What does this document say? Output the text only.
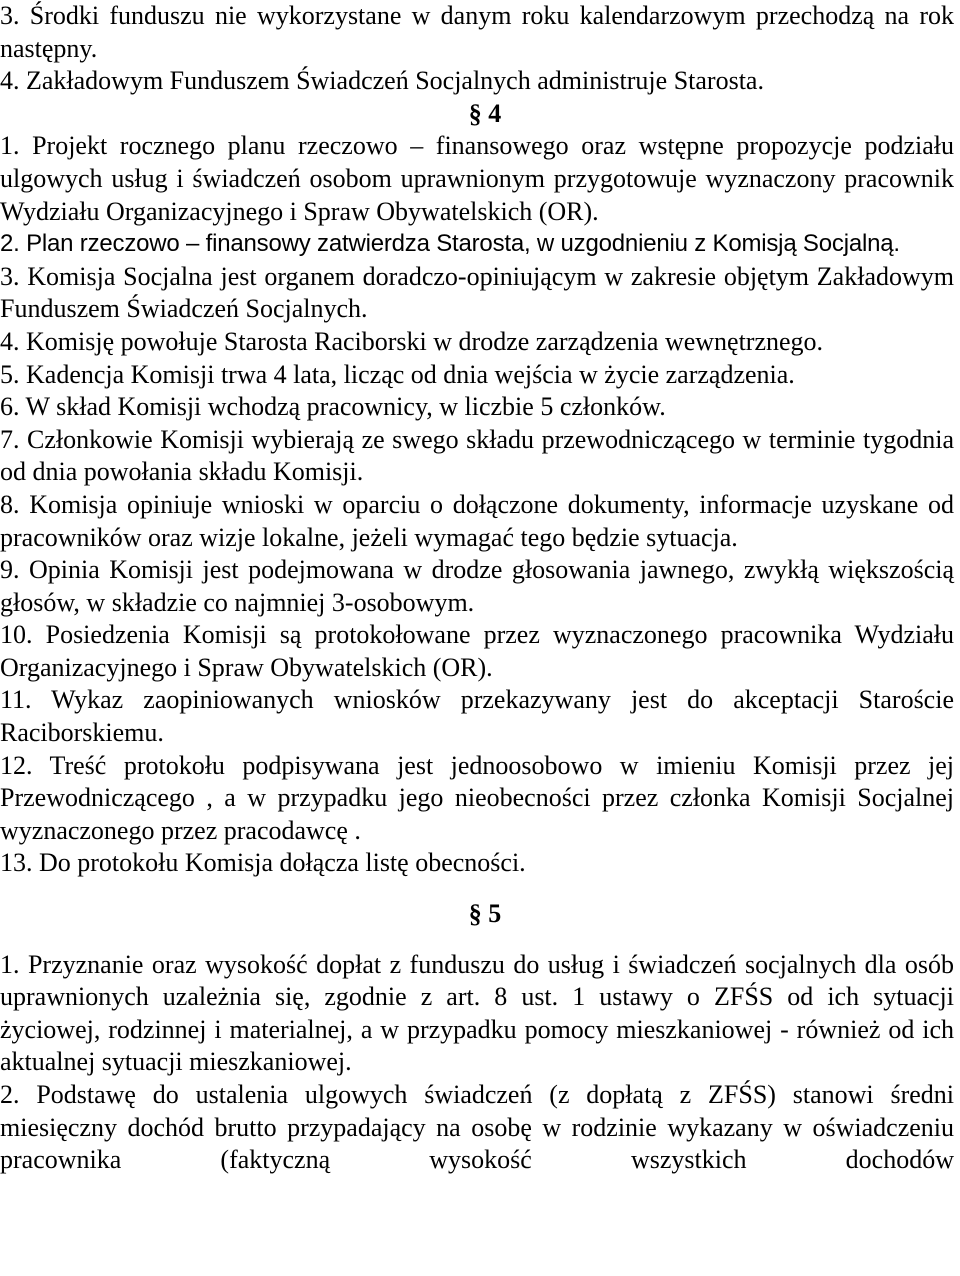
3. Środki funduszu nie wykorzystane w danym roku kalendarzowym przechodzą na rok następny.

4. Zakładowym Funduszem Świadczeń Socjalnych administruje Starosta.

§ 4

1. Projekt rocznego planu rzeczowo – finansowego oraz wstępne propozycje podziału ulgowych usług i świadczeń osobom uprawnionym przygotowuje wyznaczony pracownik Wydziału Organizacyjnego i Spraw Obywatelskich (OR).

2. Plan rzeczowo – finansowy zatwierdza Starosta, w uzgodnieniu z Komisją Socjalną.

3. Komisja Socjalna jest organem doradczo-opiniującym w zakresie objętym Zakładowym Funduszem Świadczeń Socjalnych.

4. Komisję powołuje Starosta Raciborski w drodze zarządzenia wewnętrznego.

5. Kadencja Komisji trwa 4 lata, licząc od dnia wejścia w życie zarządzenia.

6. W skład Komisji wchodzą pracownicy, w liczbie 5 członków.

7. Członkowie Komisji wybierają ze swego składu przewodniczącego w terminie tygodnia od dnia powołania składu Komisji.

8. Komisja opiniuje wnioski w oparciu o dołączone dokumenty, informacje uzyskane od pracowników oraz wizje lokalne, jeżeli wymagać tego będzie sytuacja.

9. Opinia Komisji jest podejmowana w drodze głosowania jawnego, zwykłą większością głosów, w składzie co najmniej 3-osobowym.

10. Posiedzenia Komisji są protokołowane przez wyznaczonego pracownika Wydziału Organizacyjnego i Spraw Obywatelskich (OR).

11. Wykaz zaopiniowanych wniosków przekazywany jest do akceptacji Staroście Raciborskiemu.

12. Treść protokołu podpisywana jest jednoosobowo w imieniu Komisji przez jej Przewodniczącego , a w przypadku jego nieobecności przez członka Komisji Socjalnej wyznaczonego przez pracodawcę .

13. Do protokołu Komisja dołącza listę obecności.

§ 5

1. Przyznanie oraz wysokość dopłat z funduszu do usług i świadczeń socjalnych dla osób uprawnionych uzależnia się, zgodnie z art. 8 ust. 1 ustawy o ZFŚS od ich sytuacji życiowej, rodzinnej i materialnej, a w przypadku pomocy mieszkaniowej - również od ich aktualnej sytuacji mieszkaniowej.

2. Podstawę do ustalenia ulgowych świadczeń (z dopłatą z ZFŚS) stanowi średni miesięczny dochód brutto przypadający na osobę w rodzinie wykazany w oświadczeniu pracownika (faktyczną wysokość wszystkich dochodów
